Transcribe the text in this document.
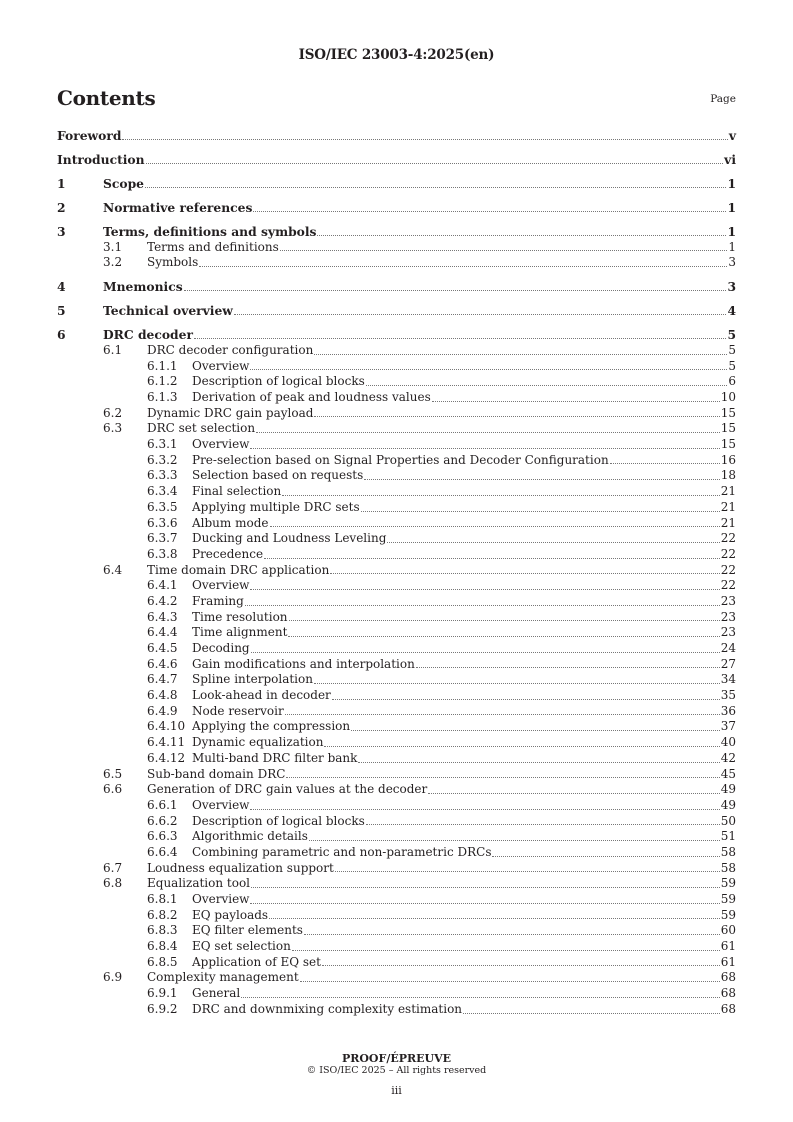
ISO/IEC 23003-4:2025(en)
Contents	Page
Foreword	v
Introduction	vi
1	Scope	1
2	Normative references	1
3	Terms, definitions and symbols	1
3.1 Terms and definitions	1
3.2 Symbols	3
4	Mnemonics	3
5	Technical overview	4
6	DRC decoder	5
6.1 DRC decoder configuration	5
6.1.1 Overview	5
6.1.2 Description of logical blocks	6
6.1.3 Derivation of peak and loudness values	10
6.2 Dynamic DRC gain payload	15
6.3 DRC set selection	15
6.3.1 Overview	15
6.3.2 Pre-selection based on Signal Properties and Decoder Configuration	16
6.3.3 Selection based on requests	18
6.3.4 Final selection	21
6.3.5 Applying multiple DRC sets	21
6.3.6 Album mode	21
6.3.7 Ducking and Loudness Leveling	22
6.3.8 Precedence	22
6.4 Time domain DRC application	22
6.4.1 Overview	22
6.4.2 Framing	23
6.4.3 Time resolution	23
6.4.4 Time alignment	23
6.4.5 Decoding	24
6.4.6 Gain modifications and interpolation	27
6.4.7 Spline interpolation	34
6.4.8 Look-ahead in decoder	35
6.4.9 Node reservoir	36
6.4.10 Applying the compression	37
6.4.11 Dynamic equalization	40
6.4.12 Multi-band DRC filter bank	42
6.5 Sub-band domain DRC	45
6.6 Generation of DRC gain values at the decoder	49
6.6.1 Overview	49
6.6.2 Description of logical blocks	50
6.6.3 Algorithmic details	51
6.6.4 Combining parametric and non-parametric DRCs	58
6.7 Loudness equalization support	58
6.8 Equalization tool	59
6.8.1 Overview	59
6.8.2 EQ payloads	59
6.8.3 EQ filter elements	60
6.8.4 EQ set selection	61
6.8.5 Application of EQ set	61
6.9 Complexity management	68
6.9.1 General	68
6.9.2 DRC and downmixing complexity estimation	68
PROOF/ÉPREUVE
© ISO/IEC 2025 – All rights reserved
iii
